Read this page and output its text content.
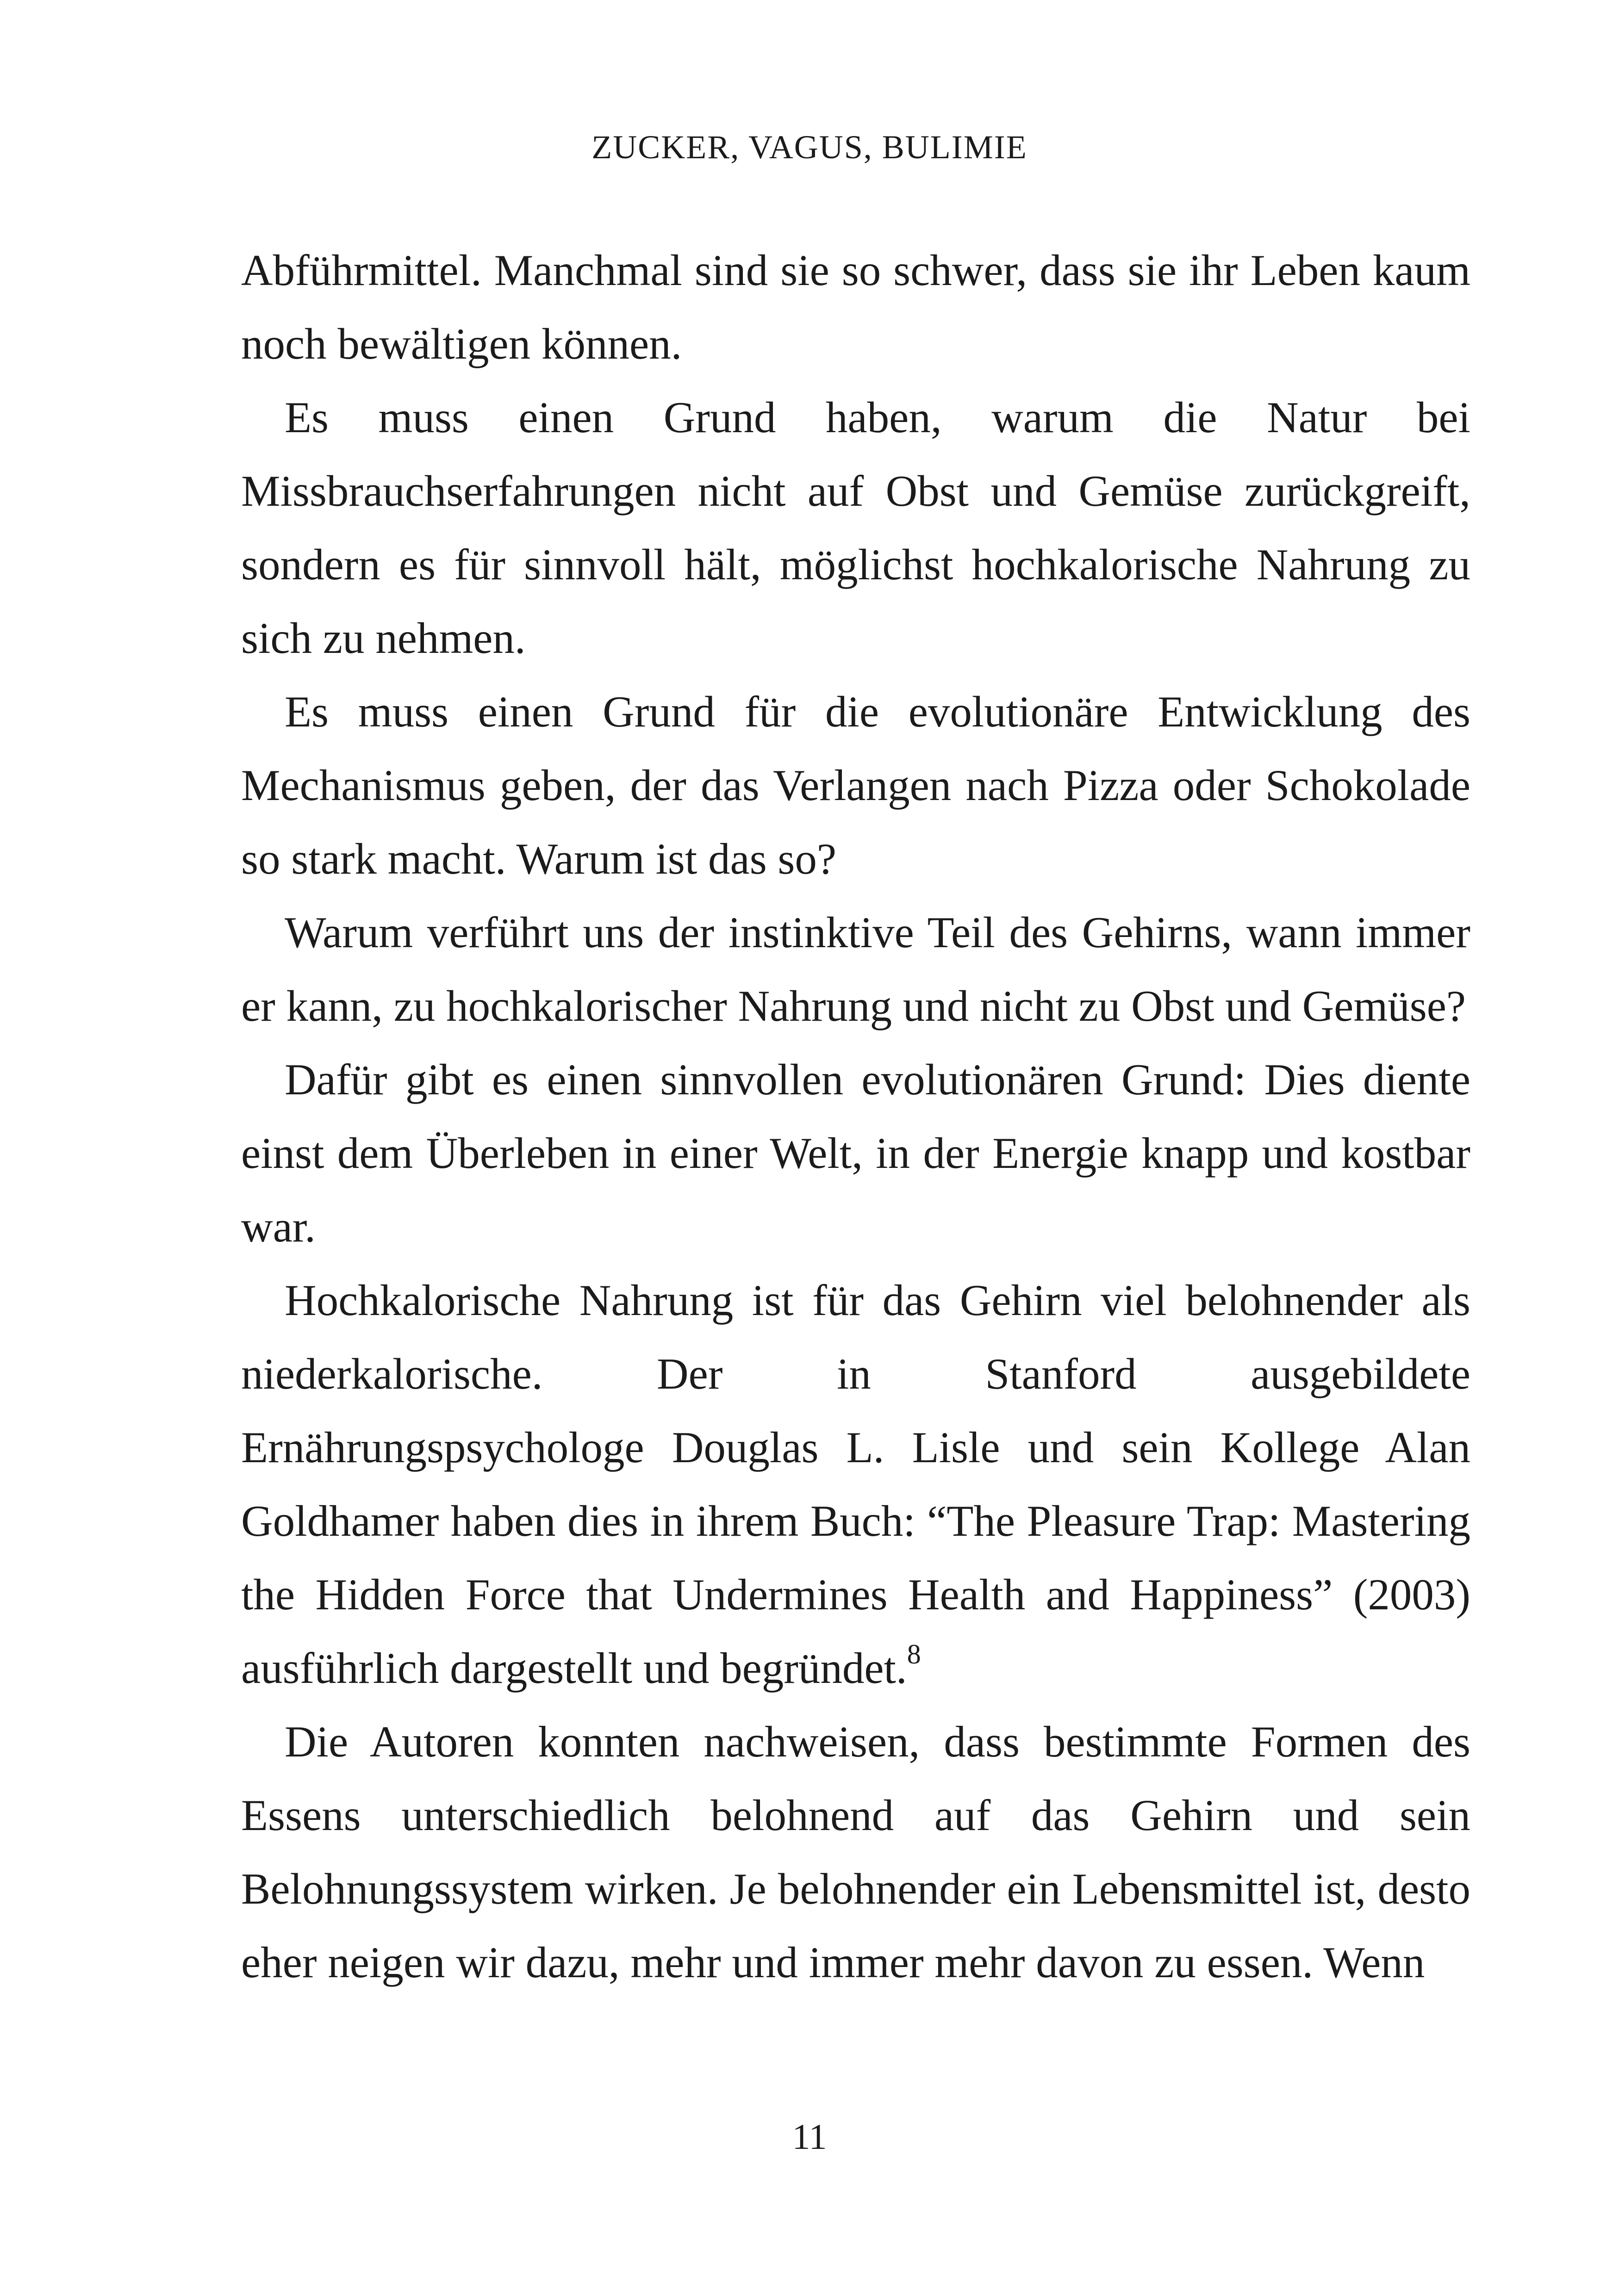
ZUCKER, VAGUS, BULIMIE

Abführmittel. Manchmal sind sie so schwer, dass sie ihr Leben kaum noch bewältigen können.

Es muss einen Grund haben, warum die Natur bei Missbrauchserfahrungen nicht auf Obst und Gemüse zurückgreift, sondern es für sinnvoll hält, möglichst hochkalorische Nahrung zu sich zu nehmen.

Es muss einen Grund für die evolutionäre Entwicklung des Mechanismus geben, der das Verlangen nach Pizza oder Schokolade so stark macht. Warum ist das so?

Warum verführt uns der instinktive Teil des Gehirns, wann immer er kann, zu hochkalorischer Nahrung und nicht zu Obst und Gemüse?

Dafür gibt es einen sinnvollen evolutionären Grund: Dies diente einst dem Überleben in einer Welt, in der Energie knapp und kostbar war.

Hochkalorische Nahrung ist für das Gehirn viel belohnender als niederkalorische. Der in Stanford ausgebildete Ernährungspsychologe Douglas L. Lisle und sein Kollege Alan Goldhamer haben dies in ihrem Buch: “The Pleasure Trap: Mastering the Hidden Force that Undermines Health and Happiness” (2003) ausführlich dargestellt und begründet.$^8$

Die Autoren konnten nachweisen, dass bestimmte Formen des Essens unterschiedlich belohnend auf das Gehirn und sein Belohnungssystem wirken. Je belohnender ein Lebensmittel ist, desto eher neigen wir dazu, mehr und immer mehr davon zu essen. Wenn

11
